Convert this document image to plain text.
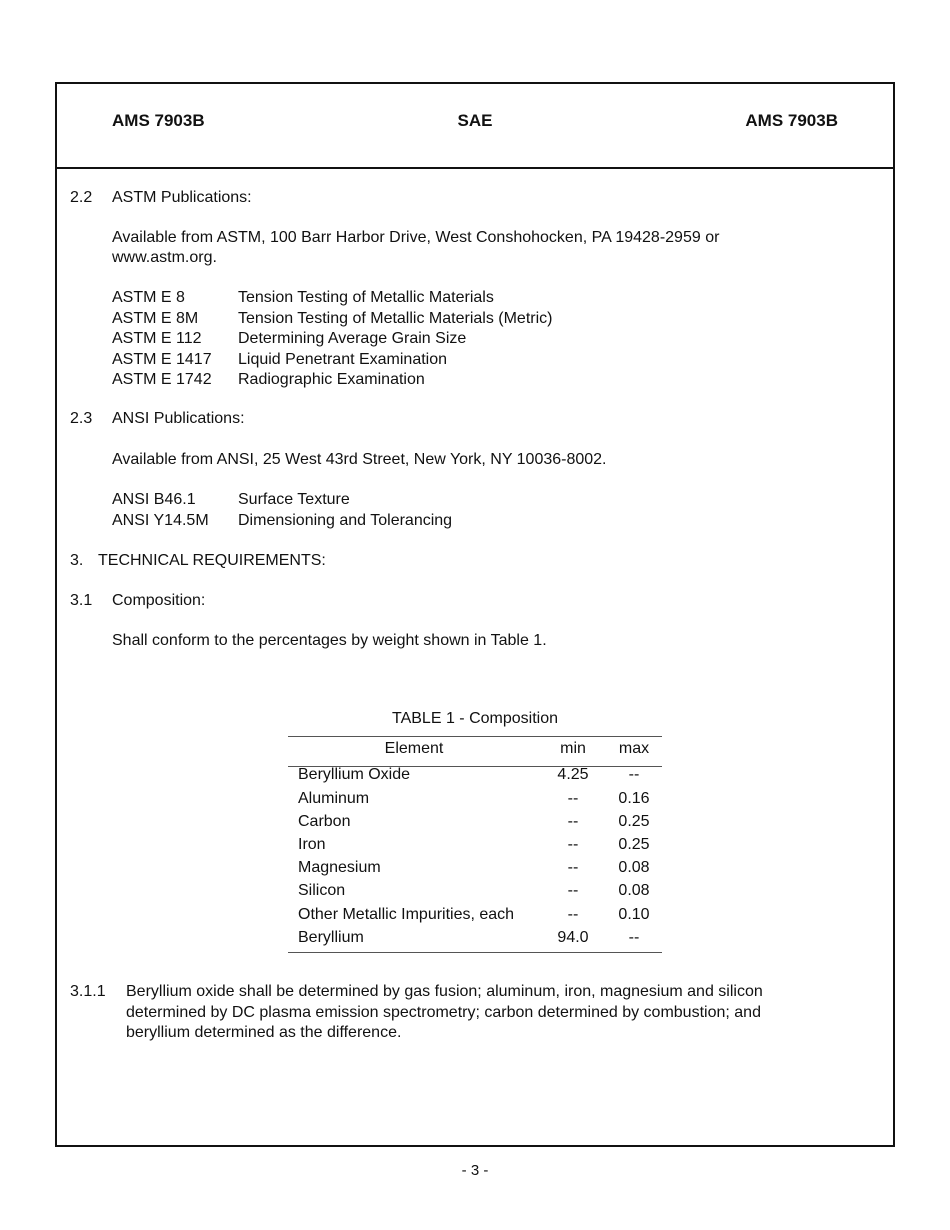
AMS 7903B	SAE	AMS 7903B
2.2 ASTM Publications:
Available from ASTM, 100 Barr Harbor Drive, West Conshohocken, PA 19428-2959 or
www.astm.org.
ASTM E 8	Tension Testing of Metallic Materials
ASTM E 8M Tension Testing of Metallic Materials (Metric)
ASTM E 112 Determining Average Grain Size
ASTM E 1417 Liquid Penetrant Examination
ASTM E 1742 Radiographic Examination
2.3 ANSI Publications:
Available from ANSI, 25 West 43rd Street, New York, NY 10036-8002.
ANSI B46.1	Surface Texture
ANSI Y14.5M Dimensioning and Tolerancing
3. TECHNICAL REQUIREMENTS:
3.1 Composition:
Shall conform to the percentages by weight shown in Table 1.
TABLE 1 - Composition
Element	min	max
Beryllium Oxide	4.25	--
Aluminum	--	0.16
Carbon	--	0.25
Iron	--	0.25
Magnesium	--	0.08
Silicon	--	0.08
Other Metallic Impurities, each	--	0.10
Beryllium	94.0	--
3.1.1 Beryllium oxide shall be determined by gas fusion; aluminum, iron, magnesium and silicon
determined by DC plasma emission spectrometry; carbon determined by combustion; and
beryllium determined as the difference.
- 3 -
